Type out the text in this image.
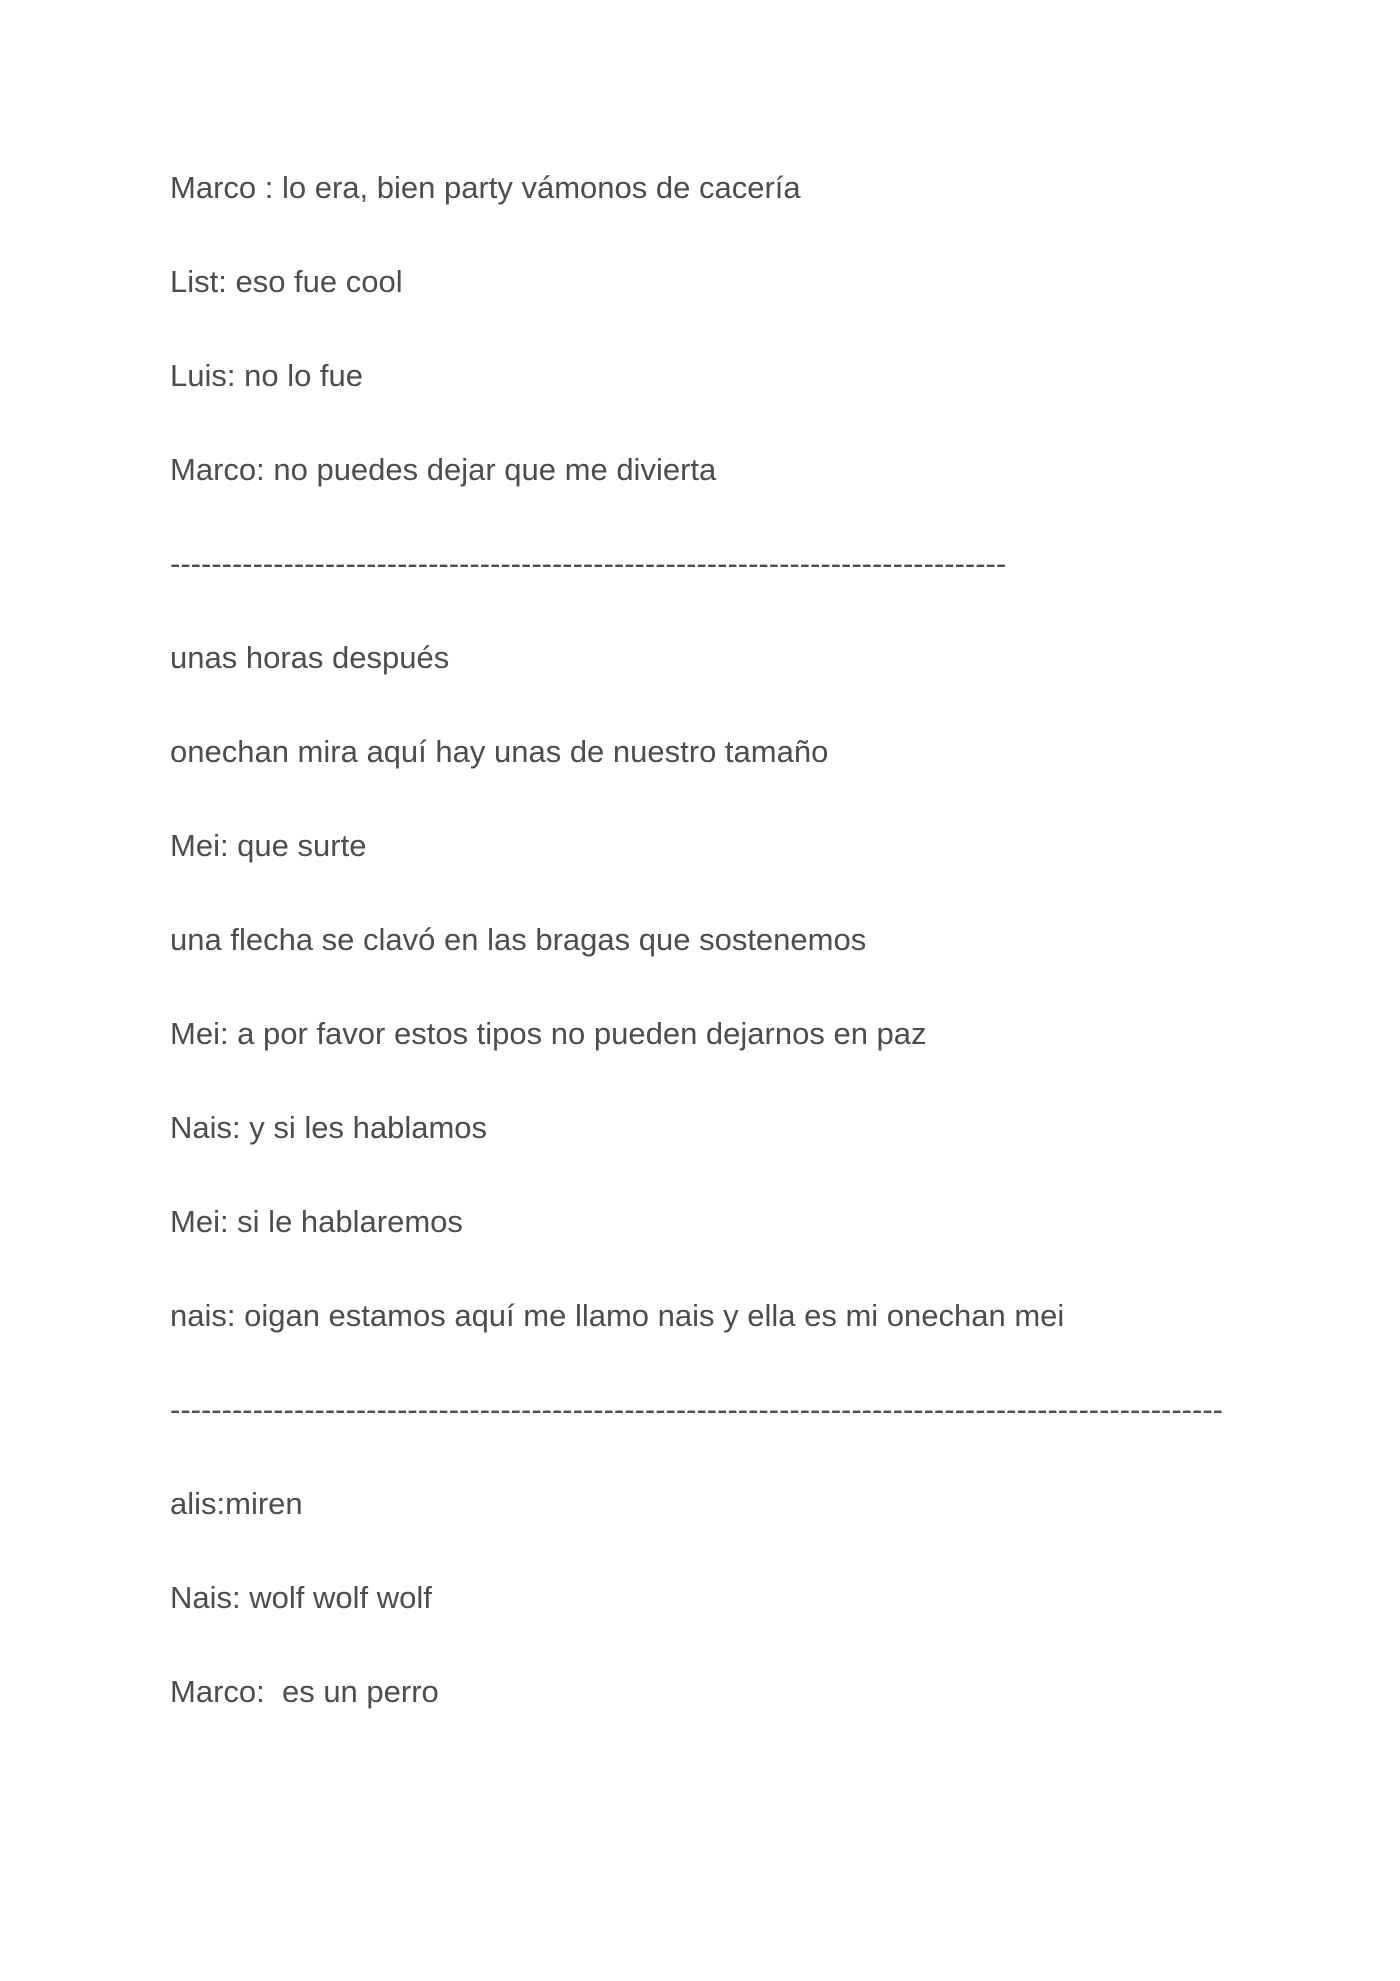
Marco : lo era, bien party vámonos de cacería
List: eso fue cool
Luis: no lo fue
Marco: no puedes dejar que me divierta
---------------------------------------------------------------------------------
unas horas después
onechan mira aquí hay unas de nuestro tamaño
Mei: que surte
una flecha se clavó en las bragas que sostenemos
Mei: a por favor estos tipos no pueden dejarnos en paz
Nais: y si les hablamos
Mei: si le hablaremos
nais: oigan estamos aquí me llamo nais y ella es mi onechan mei
------------------------------------------------------------------------------------------------------
alis:miren
Nais: wolf wolf wolf
Marco:  es un perro
